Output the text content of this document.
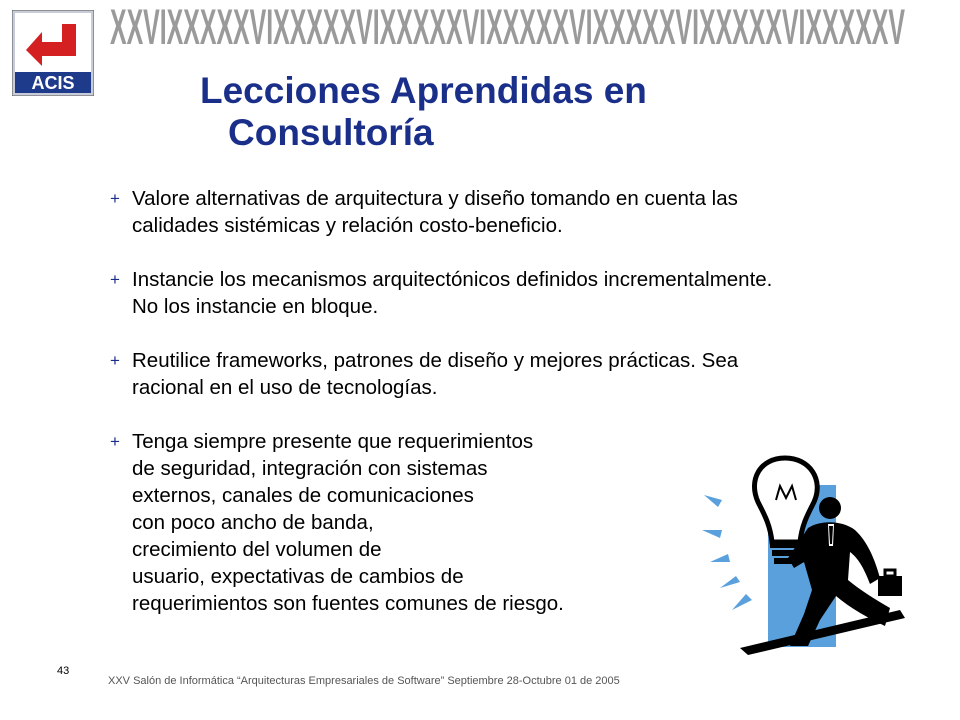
ACIS
XXVIXXXXXVIXXXXXVIXXXXXVIXXXXXVIXXXXXVIXXXXXVIXXXXXV
Lecciones Aprendidas en
Consultoría
+ Valore alternativas de arquitectura y diseño tomando en cuenta las
calidades sistémicas y relación costo-beneficio.
+ Instancie los mecanismos arquitectónicos definidos incrementalmente.
No los instancie en bloque.
+ Reutilice frameworks, patrones de diseño y mejores prácticas. Sea
racional en el uso de tecnologías.
+ Tenga siempre presente que requerimientos
de seguridad, integración con sistemas
externos, canales de comunicaciones
con poco ancho de banda,
crecimiento del volumen de
usuario, expectativas de cambios de
requerimientos son fuentes comunes de riesgo.
43
XXV Salón de Informática “Arquitecturas Empresariales de Software” Septiembre 28-Octubre 01 de 2005
